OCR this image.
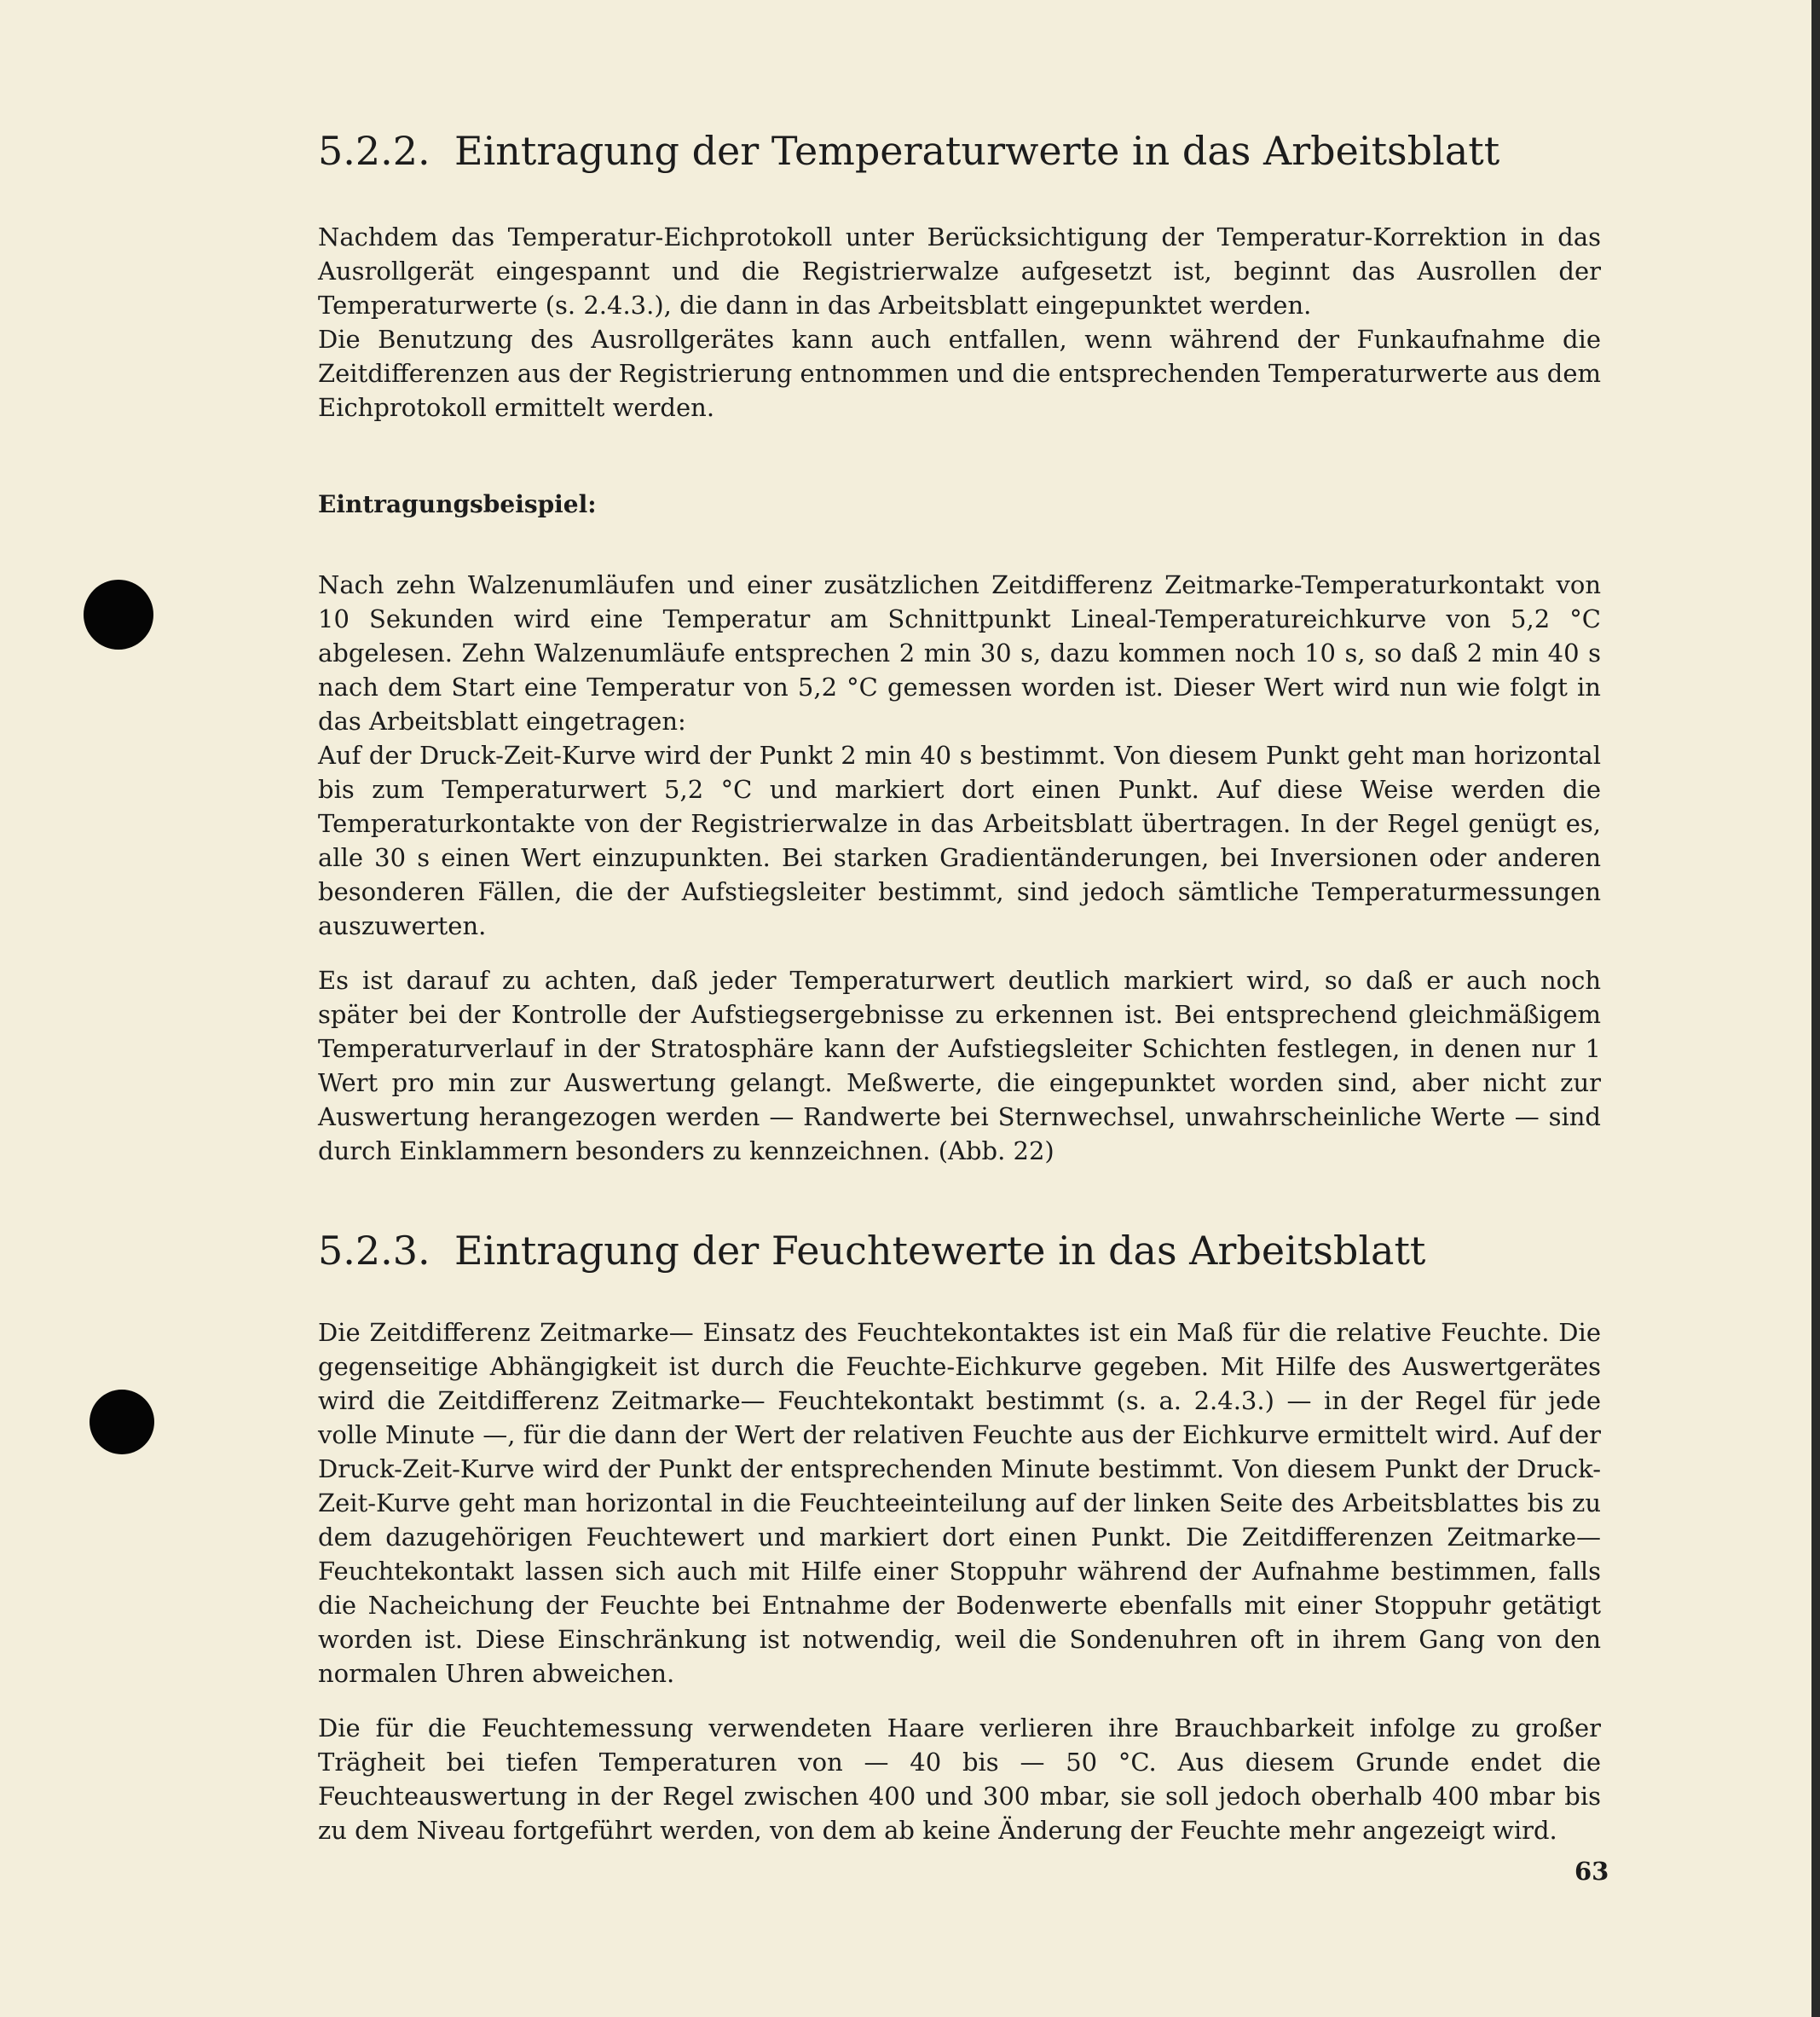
5.2.2. Eintragung der Temperaturwerte in das Arbeitsblatt

Nachdem das Temperatur-Eichprotokoll unter Berücksichtigung der Temperatur-Korrektion in das Ausrollgerät eingespannt und die Registrierwalze aufgesetzt ist, beginnt das Ausrollen der Temperaturwerte (s. 2.4.3.), die dann in das Arbeitsblatt eingepunktet werden.

Die Benutzung des Ausrollgerätes kann auch entfallen, wenn während der Funkaufnahme die Zeitdifferenzen aus der Registrierung entnommen und die entsprechenden Temperaturwerte aus dem Eichprotokoll ermittelt werden.

Eintragungsbeispiel:

Nach zehn Walzenumläufen und einer zusätzlichen Zeitdifferenz Zeitmarke-Temperaturkontakt von 10 Sekunden wird eine Temperatur am Schnittpunkt Lineal-Temperatureichkurve von 5,2 °C abgelesen. Zehn Walzenumläufe entsprechen 2 min 30 s, dazu kommen noch 10 s, so daß 2 min 40 s nach dem Start eine Temperatur von 5,2 °C gemessen worden ist. Dieser Wert wird nun wie folgt in das Arbeitsblatt eingetragen:

Auf der Druck-Zeit-Kurve wird der Punkt 2 min 40 s bestimmt. Von diesem Punkt geht man horizontal bis zum Temperaturwert 5,2 °C und markiert dort einen Punkt. Auf diese Weise werden die Temperaturkontakte von der Registrierwalze in das Arbeitsblatt übertragen. In der Regel genügt es, alle 30 s einen Wert einzupunkten. Bei starken Gradientänderungen, bei Inversionen oder anderen besonderen Fällen, die der Aufstiegsleiter bestimmt, sind jedoch sämtliche Temperaturmessungen auszuwerten.

Es ist darauf zu achten, daß jeder Temperaturwert deutlich markiert wird, so daß er auch noch später bei der Kontrolle der Aufstiegsergebnisse zu erkennen ist. Bei entsprechend gleichmäßigem Temperaturverlauf in der Stratosphäre kann der Aufstiegsleiter Schichten festlegen, in denen nur 1 Wert pro min zur Auswertung gelangt. Meßwerte, die eingepunktet worden sind, aber nicht zur Auswertung herangezogen werden — Randwerte bei Sternwechsel, unwahrscheinliche Werte — sind durch Einklammern besonders zu kennzeichnen. (Abb. 22)

5.2.3. Eintragung der Feuchtewerte in das Arbeitsblatt

Die Zeitdifferenz Zeitmarke— Einsatz des Feuchtekontaktes ist ein Maß für die relative Feuchte. Die gegenseitige Abhängigkeit ist durch die Feuchte-Eichkurve gegeben. Mit Hilfe des Auswertgerätes wird die Zeitdifferenz Zeitmarke— Feuchtekontakt bestimmt (s. a. 2.4.3.) — in der Regel für jede volle Minute —, für die dann der Wert der relativen Feuchte aus der Eichkurve ermittelt wird. Auf der Druck-Zeit-Kurve wird der Punkt der entsprechenden Minute bestimmt. Von diesem Punkt der Druck-Zeit-Kurve geht man horizontal in die Feuchteeinteilung auf der linken Seite des Arbeitsblattes bis zu dem dazugehörigen Feuchtewert und markiert dort einen Punkt. Die Zeitdifferenzen Zeitmarke—Feuchtekontakt lassen sich auch mit Hilfe einer Stoppuhr während der Aufnahme bestimmen, falls die Nacheichung der Feuchte bei Entnahme der Bodenwerte ebenfalls mit einer Stoppuhr getätigt worden ist. Diese Einschränkung ist notwendig, weil die Sondenuhren oft in ihrem Gang von den normalen Uhren abweichen.

Die für die Feuchtemessung verwendeten Haare verlieren ihre Brauchbarkeit infolge zu großer Trägheit bei tiefen Temperaturen von — 40 bis — 50 °C. Aus diesem Grunde endet die Feuchteauswertung in der Regel zwischen 400 und 300 mbar, sie soll jedoch oberhalb 400 mbar bis zu dem Niveau fortgeführt werden, von dem ab keine Änderung der Feuchte mehr angezeigt wird.

63
